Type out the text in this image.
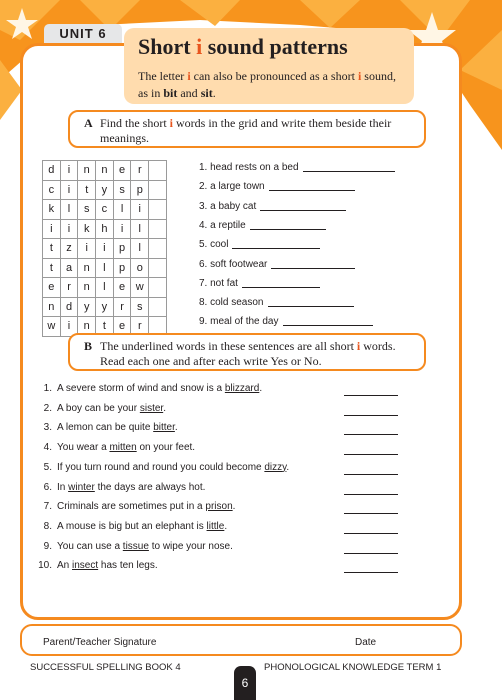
UNIT 6
Short i sound patterns
The letter i can also be pronounced as a short i sound, as in bit and sit.
A Find the short i words in the grid and write them beside their meanings.
d	i	n	n	e	r	
c	i	t	y	s	p	
k	l	s	c	l	i	
i	i	k	h	i	l	
t	z	i	i	p	l	
t	a	n	l	p	o	
e	r	n	l	e	w	
n	d	y	y	r	s	
w	i	n	t	e	r	
1. head rests on a bed
2. a large town
3. a baby cat
4. a reptile
5. cool
6. soft footwear
7. not fat
8. cold season
9. meal of the day
B The underlined words in these sentences are all short i words. Read each one and after each write Yes or No.
1. A severe storm of wind and snow is a blizzard.
2. A boy can be your sister.
3. A lemon can be quite bitter.
4. You wear a mitten on your feet.
5. If you turn round and round you could become dizzy.
6. In winter the days are always hot.
7. Criminals are sometimes put in a prison.
8. A mouse is big but an elephant is little.
9. You can use a tissue to wipe your nose.
10. An insect has ten legs.
Parent/Teacher Signature	Date
SUCCESSFUL SPELLING BOOK 4	PHONOLOGICAL KNOWLEDGE TERM 1
6
